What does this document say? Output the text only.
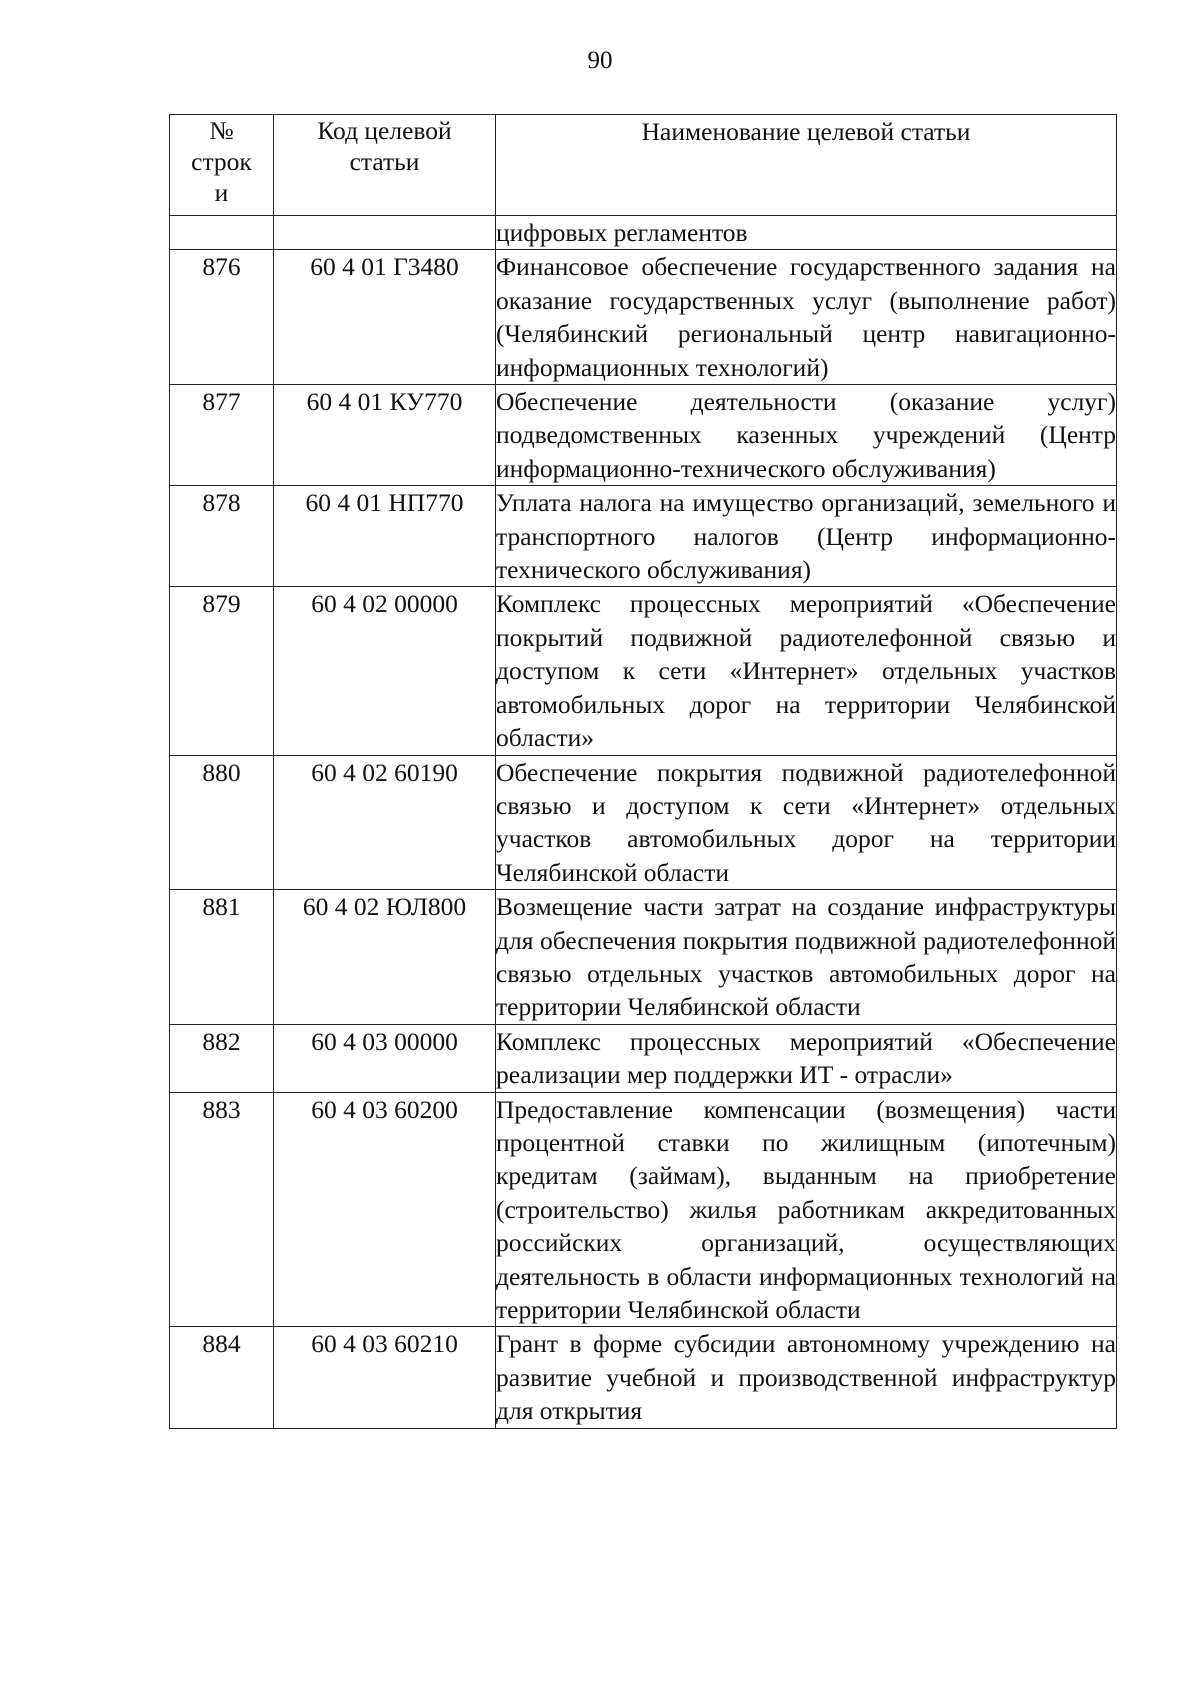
90
№ строк и	Код целевой статьи	Наименование целевой статьи

		цифровых регламентов

876	60 4 01 Г3480	Финансовое обеспечение государственного задания на оказание государственных услуг (выполнение работ) (Челябинский региональный центр навигационно-информационных технологий)

877	60 4 01 КУ770	Обеспечение деятельности (оказание услуг) подведомственных казенных учреждений (Центр информационно-технического обслуживания)

878	60 4 01 НП770	Уплата налога на имущество организаций, земельного и транспортного налогов (Центр информационно-технического обслуживания)

879	60 4 02 00000	Комплекс процессных мероприятий «Обеспечение покрытий подвижной радиотелефонной связью и доступом к сети «Интернет» отдельных участков автомобильных дорог на территории Челябинской области»

880	60 4 02 60190	Обеспечение покрытия подвижной радиотелефонной связью и доступом к сети «Интернет» отдельных участков автомобильных дорог на территории Челябинской области

881	60 4 02 ЮЛ800	Возмещение части затрат на создание инфраструктуры для обеспечения покрытия подвижной радиотелефонной связью отдельных участков автомобильных дорог на территории Челябинской области

882	60 4 03 00000	Комплекс процессных мероприятий «Обеспечение реализации мер поддержки ИТ - отрасли»

883	60 4 03 60200	Предоставление компенсации (возмещения) части процентной ставки по жилищным (ипотечным) кредитам (займам), выданным на приобретение (строительство) жилья работникам аккредитованных российских организаций, осуществляющих деятельность в области информационных технологий на территории Челябинской области

884	60 4 03 60210	Грант в форме субсидии автономному учреждению на развитие учебной и производственной инфраструктур для открытия
